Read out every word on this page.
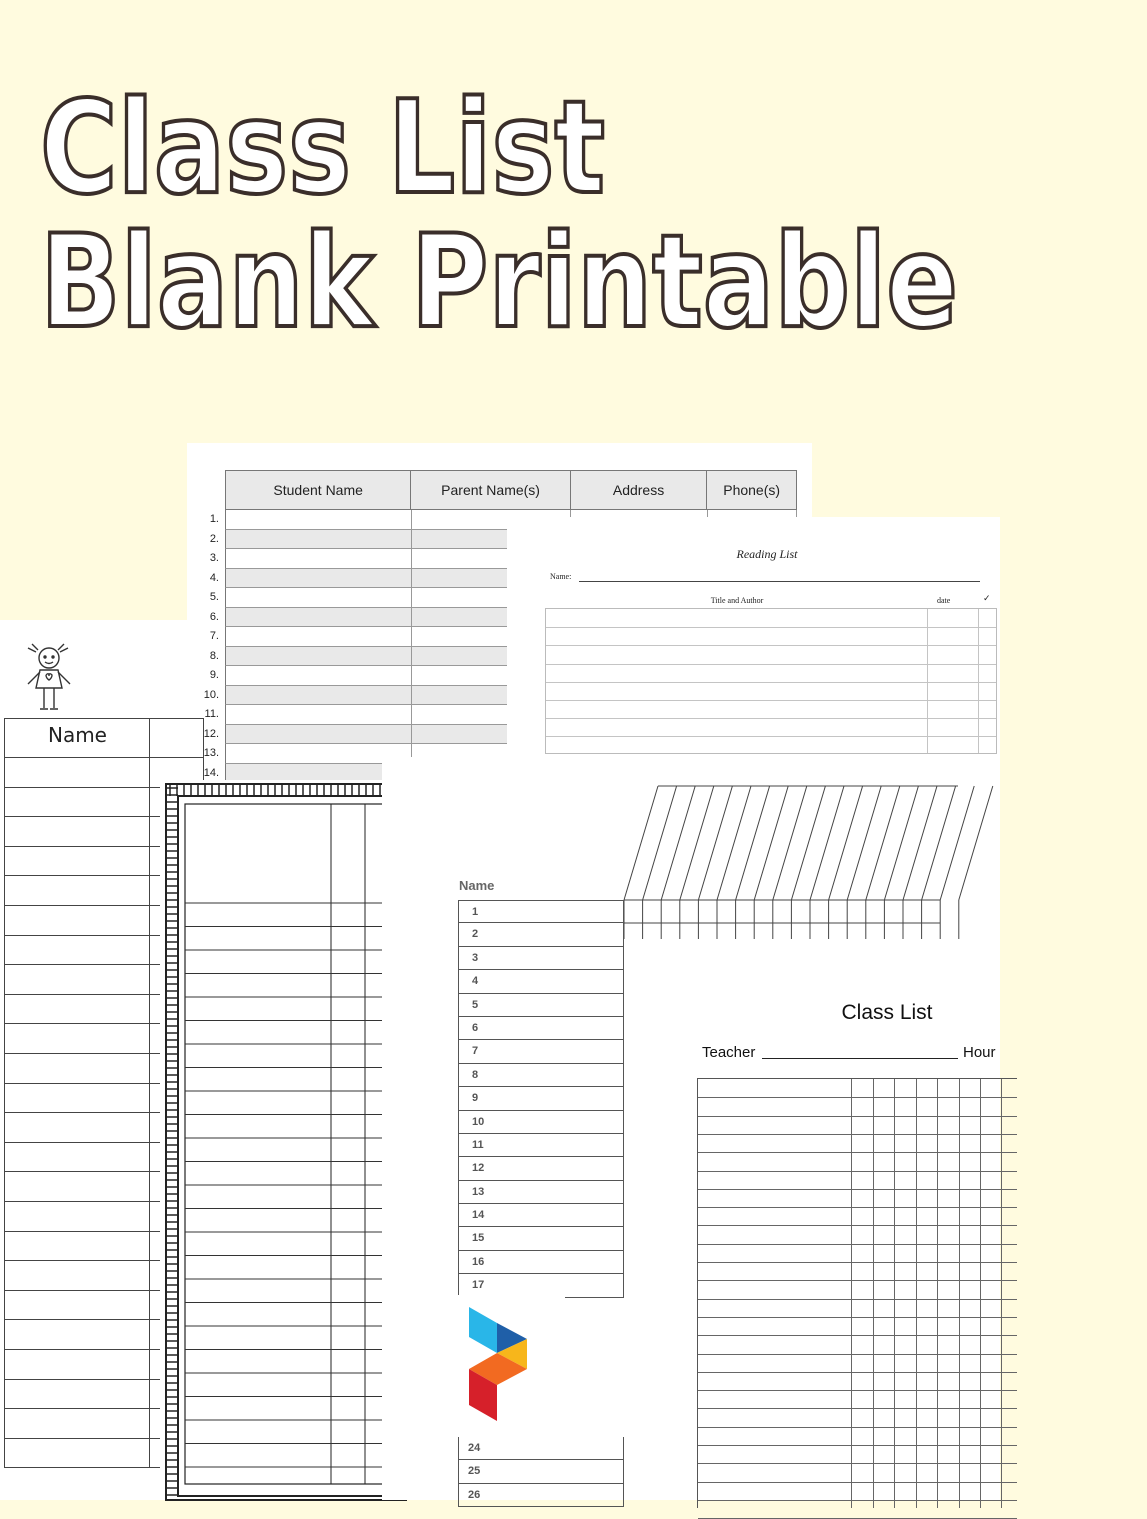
Class List
Blank Printable
Student Name	Parent Name(s)	Address	Phone(s)
1.
2.
3.
4.
5.
6.
7.
8.
9.
10.
11.
12.
13.
14.
Name
Reading List
Name:
Title and Author	date	✓
Name
1
2
3
4
5
6
7
8
9
10
11
12
13
14
15
16
17
24
25
26
Class List
Teacher	Hour
